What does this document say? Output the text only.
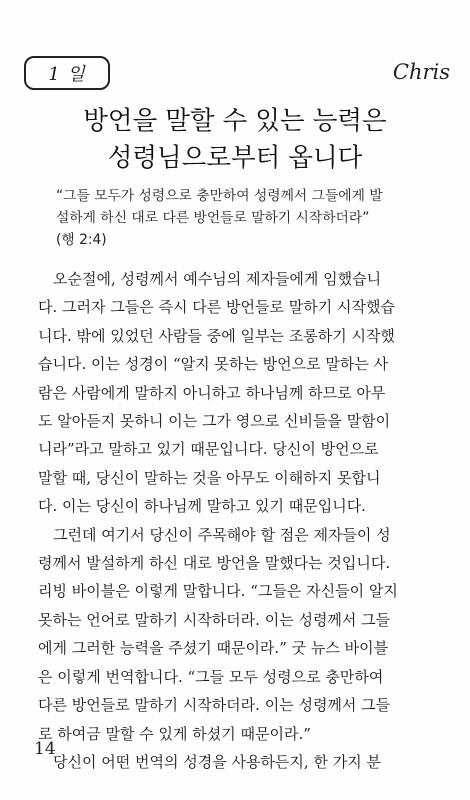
1 일	Chris
방언을 말할 수 있는 능력은
성령님으로부터 옵니다
“그들 모두가 성령으로 충만하여 성령께서 그들에게 발
설하게 하신 대로 다른 방언들로 말하기 시작하더라”
(행 2:4)
오순절에, 성령께서 예수님의 제자들에게 임했습니
다. 그러자 그들은 즉시 다른 방언들로 말하기 시작했습
니다. 밖에 있었던 사람들 중에 일부는 조롱하기 시작했
습니다. 이는 성경이 “알지 못하는 방언으로 말하는 사
람은 사람에게 말하지 아니하고 하나님께 하므로 아무
도 알아듣지 못하니 이는 그가 영으로 신비들을 말함이
니라”라고 말하고 있기 때문입니다. 당신이 방언으로
말할 때, 당신이 말하는 것을 아무도 이해하지 못합니
다. 이는 당신이 하나님께 말하고 있기 때문입니다.
그런데 여기서 당신이 주목해야 할 점은 제자들이 성
령께서 발설하게 하신 대로 방언을 말했다는 것입니다.
리빙 바이블은 이렇게 말합니다. “그들은 자신들이 알지
못하는 언어로 말하기 시작하더라. 이는 성령께서 그들
에게 그러한 능력을 주셨기 때문이라.” 굿 뉴스 바이블
은 이렇게 번역합니다. “그들 모두 성령으로 충만하여
다른 방언들로 말하기 시작하더라. 이는 성령께서 그들
로 하여금 말할 수 있게 하셨기 때문이라.”
당신이 어떤 번역의 성경을 사용하든지, 한 가지 분
14
